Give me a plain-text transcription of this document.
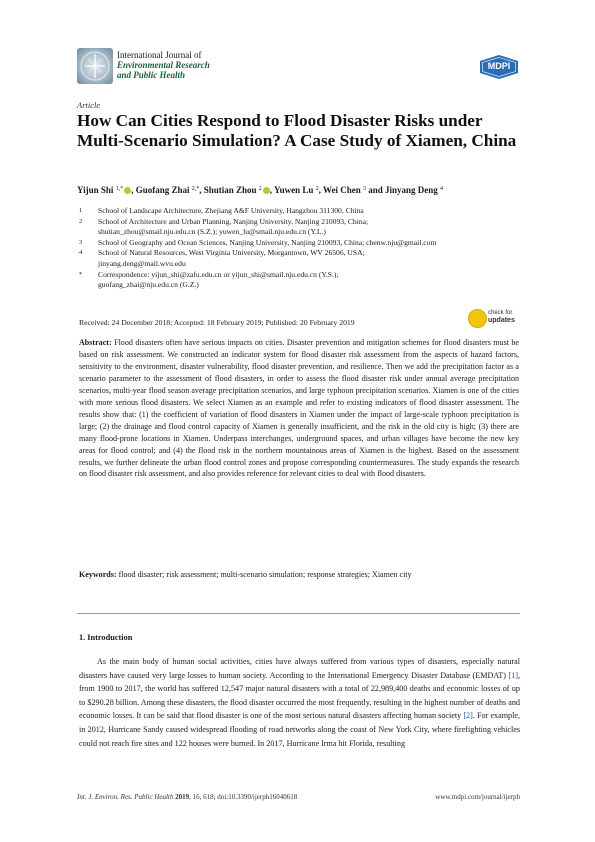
International Journal of
Environmental Research
and Public Health
MDPI
Article
How Can Cities Respond to Flood Disaster Risks under Multi-Scenario Simulation? A Case Study of Xiamen, China
Yijun Shi $^{1,*}$ , Guofang Zhai $^{2,*}$, Shutian Zhou $^2$ , Yuwen Lu $^2$, Wei Chen $^3$ and Jinyang Deng $^4$
1 School of Landscape Architecture, Zhejiang A&F University, Hangzhou 311300, China
2 School of Architecture and Urban Planning, Nanjing University, Nanjing 210093, China;
shutian_zhou@smail.nju.edu.cn (S.Z.); yuwen_lu@smail.nju.edu.cn (Y.L.)
3 School of Geography and Ocean Sciences, Nanjing University, Nanjing 210093, China; chenw.nju@gmail.com
4 School of Natural Resources, West Virginia University, Morgantown, WV 26506, USA;
jinyang.deng@mail.wvu.edu
* Correspondence: yijun_shi@zafu.edu.cn or yijun_shi@smail.nju.edu.cn (Y.S.);
guofang_zhai@nju.edu.cn (G.Z.)
Received: 24 December 2018; Accepted: 18 February 2019; Published: 20 February 2019
check for
updates
Abstract: Flood disasters often have serious impacts on cities. Disaster prevention and mitigation schemes for flood disasters must be based on risk assessment. We constructed an indicator system for flood disaster risk assessment from the aspects of hazard factors, sensitivity to the environment, disaster vulnerability, flood disaster prevention, and resilience. Then we add the precipitation factor as a scenario parameter to the assessment of flood disasters, in order to assess the flood disaster risk under annual average precipitation scenarios, multi-year flood season average precipitation scenarios, and large typhoon precipitation scenarios. Xiamen is one of the cities with more serious flood disasters. We select Xiamen as an example and refer to existing indicators of flood disaster assessment. The results show that: (1) the coefficient of variation of flood disasters in Xiamen under the impact of large-scale typhoon precipitation is large; (2) the drainage and flood control capacity of Xiamen is generally insufficient, and the risk in the old city is high; (3) there are many flood-prone locations in Xiamen. Underpass interchanges, underground spaces, and urban villages have become the new key areas for flood control; and (4) the flood risk in the northern mountainous areas of Xiamen is the highest. Based on the assessment results, we further delineate the urban flood control zones and propose corresponding countermeasures. The study expands the research on flood disaster risk assessment, and also provides reference for relevant cities to deal with flood disasters.
Keywords: flood disaster; risk assessment; multi-scenario simulation; response strategies; Xiamen city
1. Introduction
As the main body of human social activities, cities have always suffered from various types of disasters, especially natural disasters have caused very large losses to human society. According to the International Emergency Disaster Database (EMDAT) [1], from 1900 to 2017, the world has suffered 12,547 major natural disasters with a total of 22,989,400 deaths and economic losses of up to $290.28 billion. Among these disasters, the flood disaster occurred the most frequently, resulting in the highest number of deaths and economic losses. It can be said that flood disaster is one of the most serious natural disasters affecting human society [2]. For example, in 2012, Hurricane Sandy caused widespread flooding of road networks along the coast of New York City, where firefighting vehicles could not reach fire sites and 122 houses were burned. In 2017, Hurricane Irma hit Florida, resulting
Int. J. Environ. Res. Public Health 2019, 16, 618; doi:10.3390/ijerph16040618	www.mdpi.com/journal/ijerph
